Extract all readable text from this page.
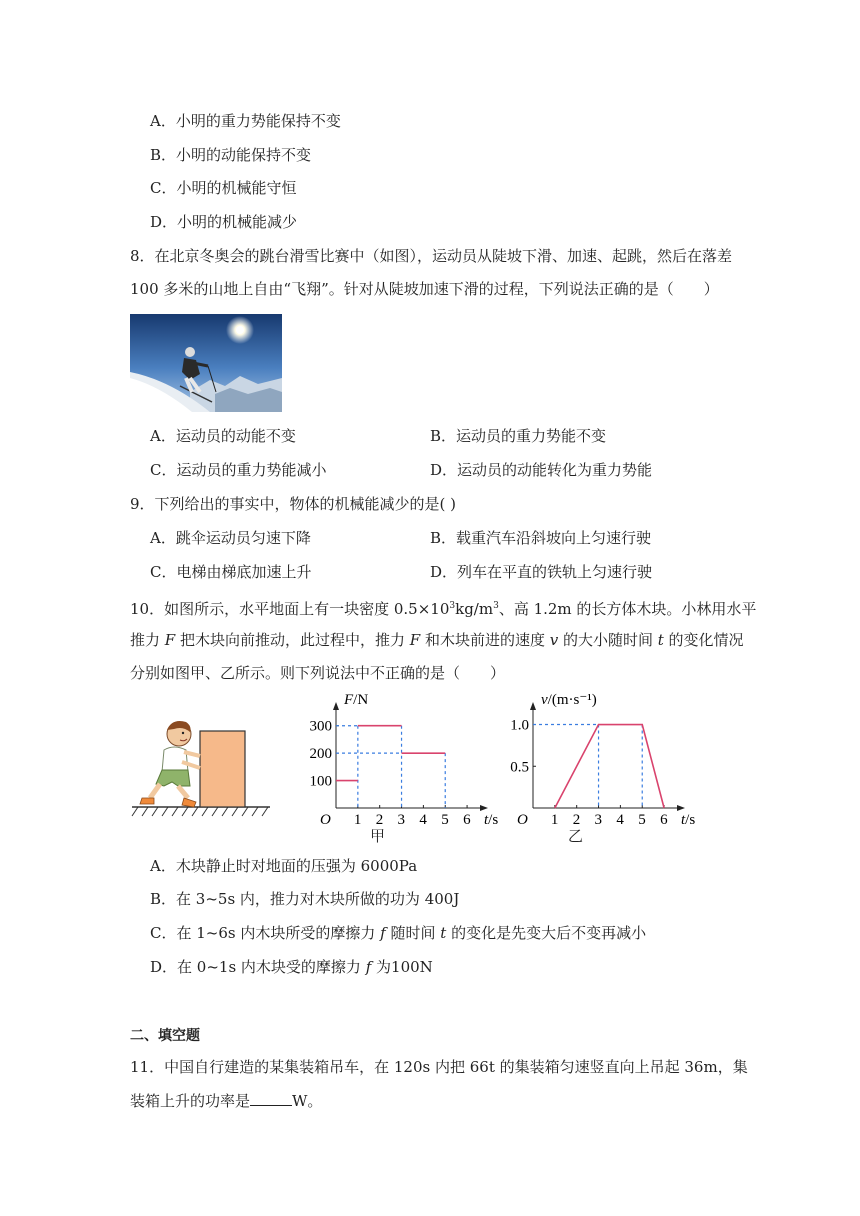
A．小明的重力势能保持不变
B．小明的动能保持不变
C．小明的机械能守恒
D．小明的机械能减少
8．在北京冬奥会的跳台滑雪比赛中（如图），运动员从陡坡下滑、加速、起跳，然后在落差
100 多米的山地上自由“飞翔”。针对从陡坡加速下滑的过程，下列说法正确的是（　　）
A．运动员的动能不变	B．运动员的重力势能不变
C．运动员的重力势能减小	D．运动员的动能转化为重力势能
9．下列给出的事实中，物体的机械能减少的是( )
A．跳伞运动员匀速下降	B．载重汽车沿斜坡向上匀速行驶
C．电梯由梯底加速上升	D．列车在平直的铁轨上匀速行驶
10．如图所示，水平地面上有一块密度 $0.5\times 10^3kg/m^3$、高 1.2m 的长方体木块。小林用水平
推力 F 把木块向前推动，此过程中，推力 F 和木块前进的速度 v 的大小随时间 t 的变化情况
分别如图甲、乙所示。则下列说法中不正确的是（　　）
O 1 2 3 4 5 6 t/s
F/N
100
200
300
O 1 2 3 4 5 6 t/s
v/(m·s⁻¹)
0.5
1.0
甲	乙
A．木块静止时对地面的压强为 6000Pa
B．在 3~5s 内，推力对木块所做的功为 400J
C．在 1~6s 内木块所受的摩擦力 f 随时间 t 的变化是先变大后不变再减小
D．在 0~1s 内木块受的摩擦力 f 为100N
二、填空题
11．中国自行建造的某集装箱吊车，在 120s 内把 66t 的集装箱匀速竖直向上吊起 36m，集
装箱上升的功率是	W。
